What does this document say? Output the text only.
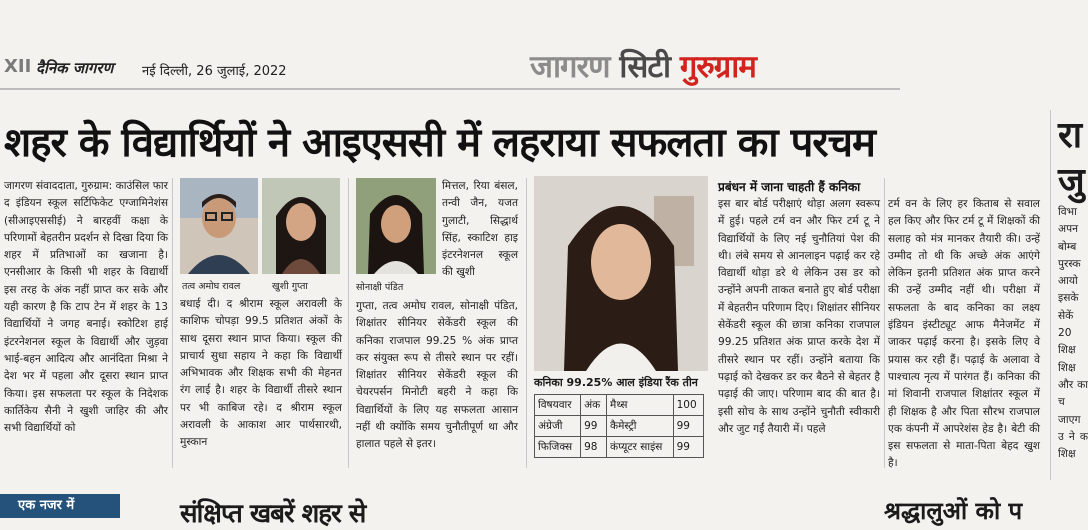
XII दैनिक जागरण नई दिल्ली, 26 जुलाई, 2022	जागरण सिटी गुरुग्राम
शहर के विद्यार्थियों ने आइएससी में लहराया सफलता का परचम	रा जु
जागरण संवाददाता, गुरुग्राम: काउंसिल फार द इंडियन स्कूल सर्टिफिकेट एग्जामिनेशंस (सीआइएससीई) ने बारहवीं कक्षा के परिणामों बेहतरीन प्रदर्शन से दिखा दिया कि शहर में प्रतिभाओं का खजाना है। एनसीआर के किसी भी शहर के विद्यार्थी इस तरह के अंक नहीं प्राप्त कर सके और यही कारण है कि टाप टेन में शहर के 13 विद्यार्थियों ने जगह बनाई। स्कोटिश हाई इंटरनेशनल स्कूल के विद्यार्थी और जुड़वा भाई-बहन आदित्य और आनंदिता मिश्रा ने देश भर में पहला और दूसरा स्थान प्राप्त किया। इस सफलता पर स्कूल के निदेशक कार्तिकेय सैनी ने खुशी जाहिर की और सभी विद्यार्थियों को
तत्व अमोघ रावल	खुशी गुप्ता	सोनाक्षी पंडित
बधाई दी। द श्रीराम स्कूल अरावली के काशिफ चोपड़ा 99.5 प्रतिशत अंकों के साथ दूसरा स्थान प्राप्त किया। स्कूल की प्राचार्य सुधा सहाय ने कहा कि विद्यार्थी अभिभावक और शिक्षक सभी की मेहनत रंग लाई है। शहर के विद्यार्थी तीसरे स्थान पर भी काबिज रहे। द श्रीराम स्कूल अरावली के आकाश आर पार्थसारथी, मुस्कान
मित्तल, रिया बंसल, तन्वी जैन, यजत गुलाटी, सिद्धार्थ सिंह, स्काटिश हाइ इंटरनेशनल स्कूल की खुशी
गुप्ता, तत्व अमोघ रावल, सोनाक्षी पंडित, शिक्षांतर सीनियर सेकेंडरी स्कूल की कनिका राजपाल 99.25 % अंक प्राप्त कर संयुक्त रूप से तीसरे स्थान पर रहीं। शिक्षांतर सीनियर सेकेंडरी स्कूल की चेयरपर्सन मिनोटी बहरी ने कहा कि विद्यार्थियों के लिए यह सफलता आसान नहीं थी क्योंकि समय चुनौतीपूर्ण था और हालात पहले से इतर।
कनिका 99.25% आल इंडिया रैंक तीन
विषयवार	अंक	मैथ्स	100
अंग्रेजी	99	कैमेस्ट्री	99
फिजिक्स	98	कंप्यूटर साइंस	99
प्रबंधन में जाना चाहती हैं कनिका
इस बार बोर्ड परीक्षाएं थोड़ा अलग स्वरूप में हुई। पहले टर्म वन और फिर टर्म टू ने विद्यार्थियों के लिए नई चुनौतियां पेश की थी। लंबे समय से आनलाइन पढ़ाई कर रहे विद्यार्थी थोड़ा डरे थे लेकिन उस डर को उन्होंने अपनी ताकत बनाते हुए बोर्ड परीक्षा में बेहतरीन परिणाम दिए। शिक्षांतर सीनियर सेकेंडरी स्कूल की छात्रा कनिका राजपाल 99.25 प्रतिशत अंक प्राप्त करके देश में तीसरे स्थान पर रहीं। उन्होंने बताया कि पढ़ाई को देखकर डर कर बैठने से बेहतर है पढ़ाई की जाए। परिणाम बाद की बात है। इसी सोच के साथ उन्होंने चुनौती स्वीकारी और जुट गईं तैयारी में। पहले
टर्म वन के लिए हर किताब से सवाल हल किए और फिर टर्म टू में शिक्षकों की सलाह को मंत्र मानकर तैयारी की। उन्हें उम्मीद तो थी कि अच्छे अंक आएंगे लेकिन इतनी प्रतिशत अंक प्राप्त करने की उन्हें उम्मीद नहीं थी। परीक्षा में सफलता के बाद कनिका का लक्ष्य इंडियन इंस्टीट्यूट आफ मैनेजमेंट में जाकर पढ़ाई करना है। इसके लिए वे प्रयास कर रही हैं। पढ़ाई के अलावा वे पाश्चात्य नृत्य में पारंगत हैं। कनिका की मां शिवानी राजपाल शिक्षांतर स्कूल में ही शिक्षक है और पिता सौरभ राजपाल एक कंपनी में आपरेशंस हेड है। बेटी की इस सफलता से माता-पिता बेहद खुश है।
विभा अपन बोम्ब पुरस्क आयो इसके सेकें 20 शिक्ष शिक्ष और का च जाएग उ ने क शिक्ष
एक नजर में	संक्षिप्त खबरें शहर से	श्रद्धालुओं को प
